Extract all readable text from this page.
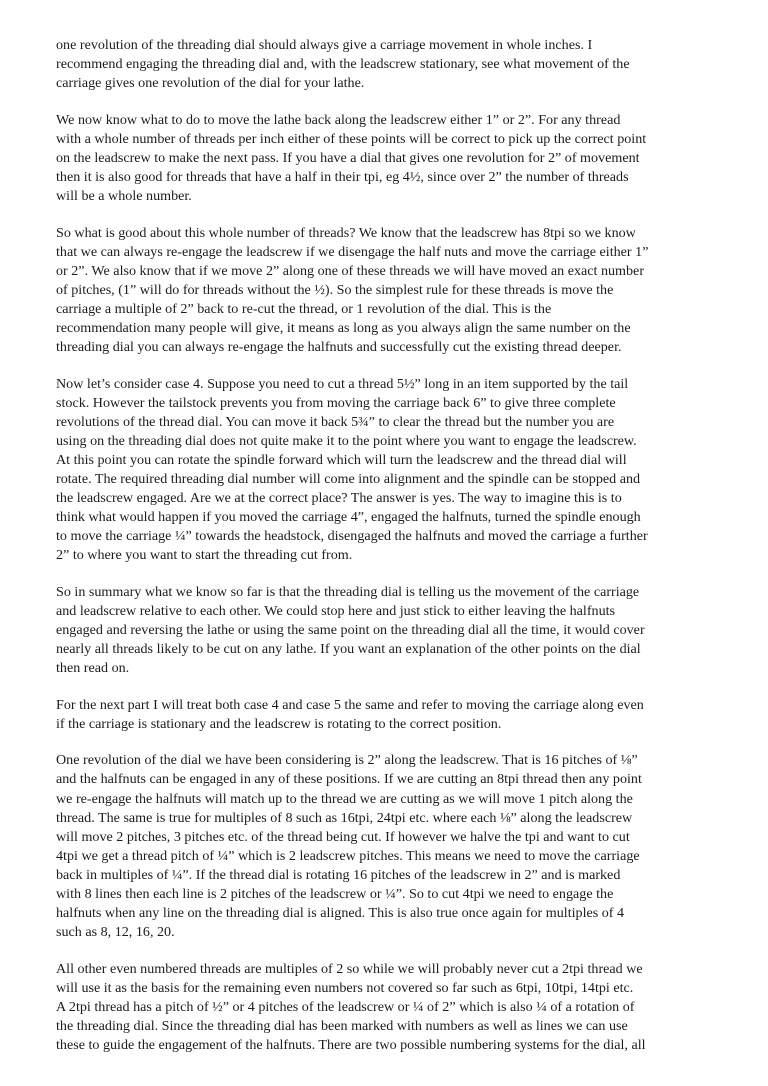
one revolution of the threading dial should always give a carriage movement in whole inches. I
recommend engaging the threading dial and, with the leadscrew stationary, see what movement of the
carriage gives one revolution of the dial for your lathe.

We now know what to do to move the lathe back along the leadscrew either 1” or 2”. For any thread
with a whole number of threads per inch either of these points will be correct to pick up the correct point
on the leadscrew to make the next pass. If you have a dial that gives one revolution for 2” of movement
then it is also good for threads that have a half in their tpi, eg 4½, since over 2” the number of threads
will be a whole number.

So what is good about this whole number of threads? We know that the leadscrew has 8tpi so we know
that we can always re-engage the leadscrew if we disengage the half nuts and move the carriage either 1”
or 2”. We also know that if we move 2” along one of these threads we will have moved an exact number
of pitches, (1” will do for threads without the ½). So the simplest rule for these threads is move the
carriage a multiple of 2” back to re-cut the thread, or 1 revolution of the dial. This is the
recommendation many people will give, it means as long as you always align the same number on the
threading dial you can always re-engage the halfnuts and successfully cut the existing thread deeper.

Now let’s consider case 4. Suppose you need to cut a thread 5½” long in an item supported by the tail
stock. However the tailstock prevents you from moving the carriage back 6” to give three complete
revolutions of the thread dial. You can move it back 5¾” to clear the thread but the number you are
using on the threading dial does not quite make it to the point where you want to engage the leadscrew.
At this point you can rotate the spindle forward which will turn the leadscrew and the thread dial will
rotate. The required threading dial number will come into alignment and the spindle can be stopped and
the leadscrew engaged. Are we at the correct place? The answer is yes. The way to imagine this is to
think what would happen if you moved the carriage 4”, engaged the halfnuts, turned the spindle enough
to move the carriage ¼” towards the headstock, disengaged the halfnuts and moved the carriage a further
2” to where you want to start the threading cut from.

So in summary what we know so far is that the threading dial is telling us the movement of the carriage
and leadscrew relative to each other. We could stop here and just stick to either leaving the halfnuts
engaged and reversing the lathe or using the same point on the threading dial all the time, it would cover
nearly all threads likely to be cut on any lathe. If you want an explanation of the other points on the dial
then read on.

For the next part I will treat both case 4 and case 5 the same and refer to moving the carriage along even
if the carriage is stationary and the leadscrew is rotating to the correct position.

One revolution of the dial we have been considering is 2” along the leadscrew. That is 16 pitches of ⅛”
and the halfnuts can be engaged in any of these positions. If we are cutting an 8tpi thread then any point
we re-engage the halfnuts will match up to the thread we are cutting as we will move 1 pitch along the
thread. The same is true for multiples of 8 such as 16tpi, 24tpi etc. where each ⅛” along the leadscrew
will move 2 pitches, 3 pitches etc. of the thread being cut. If however we halve the tpi and want to cut
4tpi we get a thread pitch of ¼” which is 2 leadscrew pitches. This means we need to move the carriage
back in multiples of ¼”. If the thread dial is rotating 16 pitches of the leadscrew in 2” and is marked
with 8 lines then each line is 2 pitches of the leadscrew or ¼”. So to cut 4tpi we need to engage the
halfnuts when any line on the threading dial is aligned. This is also true once again for multiples of 4
such as 8, 12, 16, 20.

All other even numbered threads are multiples of 2 so while we will probably never cut a 2tpi thread we
will use it as the basis for the remaining even numbers not covered so far such as 6tpi, 10tpi, 14tpi etc.
A 2tpi thread has a pitch of ½” or 4 pitches of the leadscrew or ¼ of 2” which is also ¼ of a rotation of
the threading dial. Since the threading dial has been marked with numbers as well as lines we can use
these to guide the engagement of the halfnuts. There are two possible numbering systems for the dial, all
